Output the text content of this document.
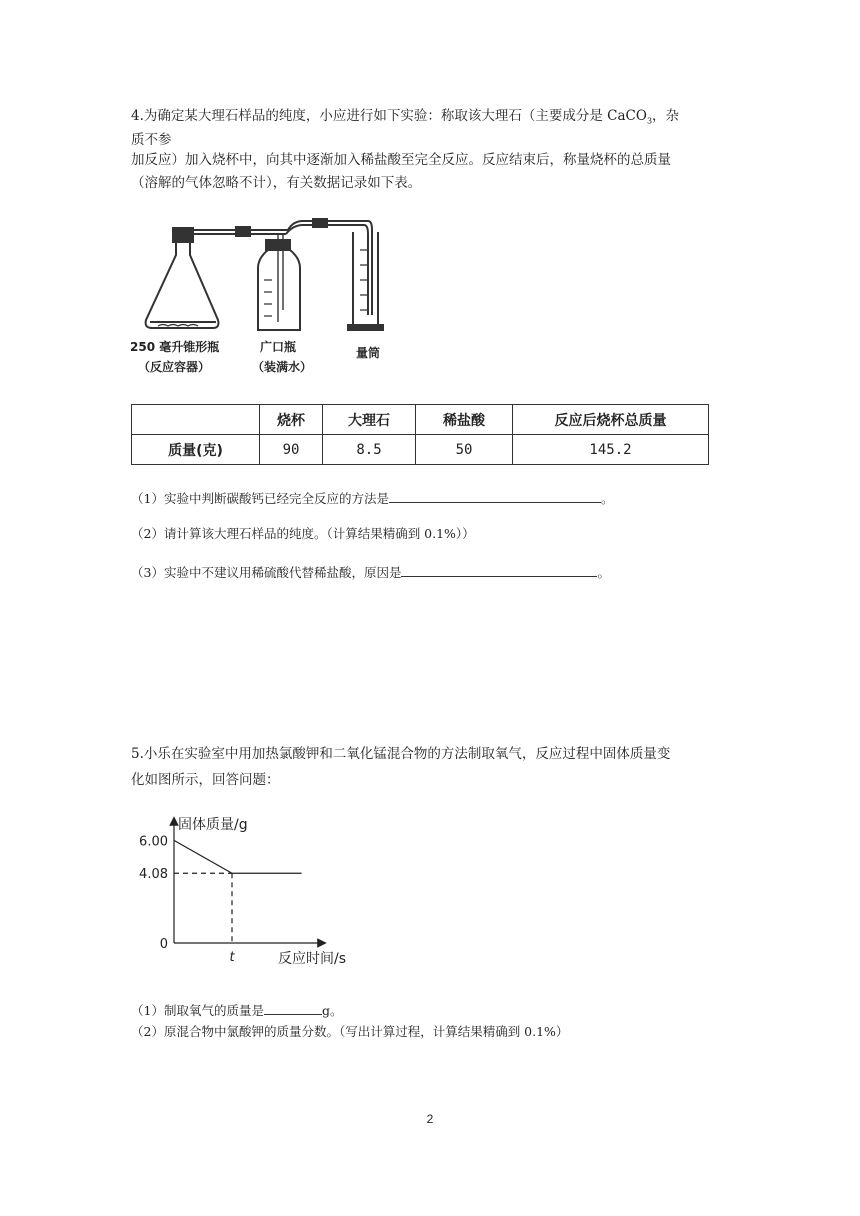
4.为确定某大理石样品的纯度，小应进行如下实验：称取该大理石（主要成分是 CaCO$_3$，杂
质不参
加反应）加入烧杯中，向其中逐渐加入稀盐酸至完全反应。反应结束后，称量烧杯的总质量
（溶解的气体忽略不计），有关数据记录如下表。
250 毫升锥形瓶
（反应容器）
广口瓶
（装满水）
量筒
	烧杯	大理石	稀盐酸	反应后烧杯总质量
质量(克)	90	8.5	50	145.2
（1）实验中判断碳酸钙已经完全反应的方法是	。
（2）请计算该大理石样品的纯度。（计算结果精确到 0.1%））
（3）实验中不建议用稀硫酸代替稀盐酸，原因是	。
5.小乐在实验室中用加热氯酸钾和二氧化锰混合物的方法制取氧气，反应过程中固体质量变
化如图所示，回答问题：
固体质量/g
反应时间/s
6.00
4.08
0
t
（1）制取氧气的质量是	g。
（2）原混合物中氯酸钾的质量分数。（写出计算过程，计算结果精确到 0.1%）
2
